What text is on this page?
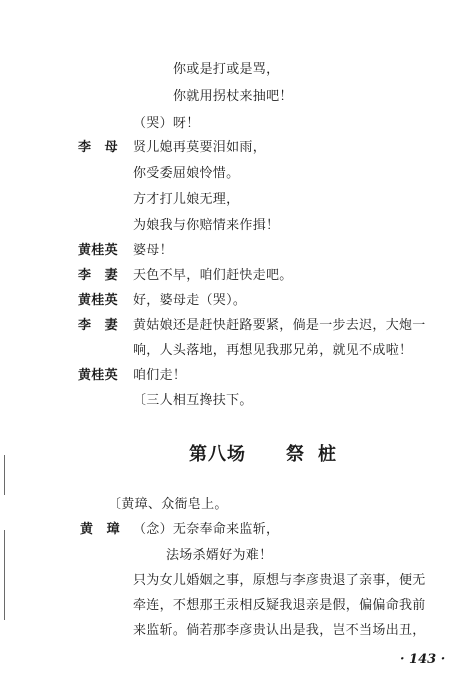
你或是打或是骂，
你就用拐杖来抽吧！
（哭）呀！
李　母 贤儿媳再莫要泪如雨，
你受委屈娘怜惜。
方才打儿娘无理，
为娘我与你赔情来作揖！
黄桂英 婆母！
李　妻 天色不早，咱们赶快走吧。
黄桂英 好，婆母走（哭）。
李　妻 黄姑娘还是赶快赶路要紧，倘是一步去迟，大炮一
响，人头落地，再想见我那兄弟，就见不成啦！
黄桂英 咱们走！
〔三人相互搀扶下。
第八场 祭桩
〔黄璋、众衙皂上。
黄　璋 （念）无奈奉命来监斩，
法场杀婿好为难！
只为女儿婚姻之事，原想与李彦贵退了亲事，便无
牵连，不想那王汞相反疑我退亲是假，偏偏命我前
来监斩。倘若那李彦贵认出是我，岂不当场出丑，
· 143 ·
